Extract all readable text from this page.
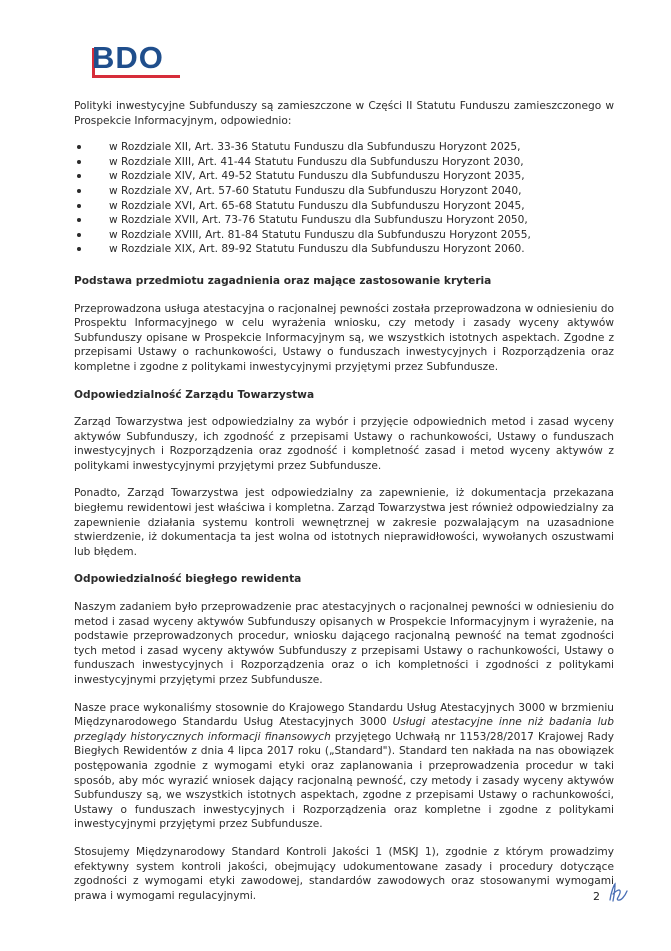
BDO

Polityki inwestycyjne Subfunduszy są zamieszczone w Części II Statutu Funduszu zamieszczonego w Prospekcie Informacyjnym, odpowiednio:

w Rozdziale XII, Art. 33-36 Statutu Funduszu dla Subfunduszu Horyzont 2025,
w Rozdziale XIII, Art. 41-44 Statutu Funduszu dla Subfunduszu Horyzont 2030,
w Rozdziale XIV, Art. 49-52 Statutu Funduszu dla Subfunduszu Horyzont 2035,
w Rozdziale XV, Art. 57-60 Statutu Funduszu dla Subfunduszu Horyzont 2040,
w Rozdziale XVI, Art. 65-68 Statutu Funduszu dla Subfunduszu Horyzont 2045,
w Rozdziale XVII, Art. 73-76 Statutu Funduszu dla Subfunduszu Horyzont 2050,
w Rozdziale XVIII, Art. 81-84 Statutu Funduszu dla Subfunduszu Horyzont 2055,
w Rozdziale XIX, Art. 89-92 Statutu Funduszu dla Subfunduszu Horyzont 2060.
Podstawa przedmiotu zagadnienia oraz mające zastosowanie kryteria

Przeprowadzona usługa atestacyjna o racjonalnej pewności została przeprowadzona w odniesieniu do Prospektu Informacyjnego w celu wyrażenia wniosku, czy metody i zasady wyceny aktywów Subfunduszy opisane w Prospekcie Informacyjnym są, we wszystkich istotnych aspektach. Zgodne z przepisami Ustawy o rachunkowości, Ustawy o funduszach inwestycyjnych i Rozporządzenia oraz kompletne i zgodne z politykami inwestycyjnymi przyjętymi przez Subfundusze.

Odpowiedzialność Zarządu Towarzystwa

Zarząd Towarzystwa jest odpowiedzialny za wybór i przyjęcie odpowiednich metod i zasad wyceny aktywów Subfunduszy, ich zgodność z przepisami Ustawy o rachunkowości, Ustawy o funduszach inwestycyjnych i Rozporządzenia oraz zgodność i kompletność zasad i metod wyceny aktywów z politykami inwestycyjnymi przyjętymi przez Subfundusze.

Ponadto, Zarząd Towarzystwa jest odpowiedzialny za zapewnienie, iż dokumentacja przekazana biegłemu rewidentowi jest właściwa i kompletna. Zarząd Towarzystwa jest również odpowiedzialny za zapewnienie działania systemu kontroli wewnętrznej w zakresie pozwalającym na uzasadnione stwierdzenie, iż dokumentacja ta jest wolna od istotnych nieprawidłowości, wywołanych oszustwami lub błędem.

Odpowiedzialność biegłego rewidenta

Naszym zadaniem było przeprowadzenie prac atestacyjnych o racjonalnej pewności w odniesieniu do metod i zasad wyceny aktywów Subfunduszy opisanych w Prospekcie Informacyjnym i wyrażenie, na podstawie przeprowadzonych procedur, wniosku dającego racjonalną pewność na temat zgodności tych metod i zasad wyceny aktywów Subfunduszy z przepisami Ustawy o rachunkowości, Ustawy o funduszach inwestycyjnych i Rozporządzenia oraz o ich kompletności i zgodności z politykami inwestycyjnymi przyjętymi przez Subfundusze.

Nasze prace wykonaliśmy stosownie do Krajowego Standardu Usług Atestacyjnych 3000 w brzmieniu Międzynarodowego Standardu Usług Atestacyjnych 3000 Usługi atestacyjne inne niż badania lub przeglądy historycznych informacji finansowych przyjętego Uchwałą nr 1153/28/2017 Krajowej Rady Biegłych Rewidentów z dnia 4 lipca 2017 roku („Standard"). Standard ten nakłada na nas obowiązek postępowania zgodnie z wymogami etyki oraz zaplanowania i przeprowadzenia procedur w taki sposób, aby móc wyrazić wniosek dający racjonalną pewność, czy metody i zasady wyceny aktywów Subfunduszy są, we wszystkich istotnych aspektach, zgodne z przepisami Ustawy o rachunkowości, Ustawy o funduszach inwestycyjnych i Rozporządzenia oraz kompletne i zgodne z politykami inwestycyjnymi przyjętymi przez Subfundusze.

Stosujemy Międzynarodowy Standard Kontroli Jakości 1 (MSKJ 1), zgodnie z którym prowadzimy efektywny system kontroli jakości, obejmujący udokumentowane zasady i procedury dotyczące zgodności z wymogami etyki zawodowej, standardów zawodowych oraz stosowanymi wymogami prawa i wymogami regulacyjnymi.	2
